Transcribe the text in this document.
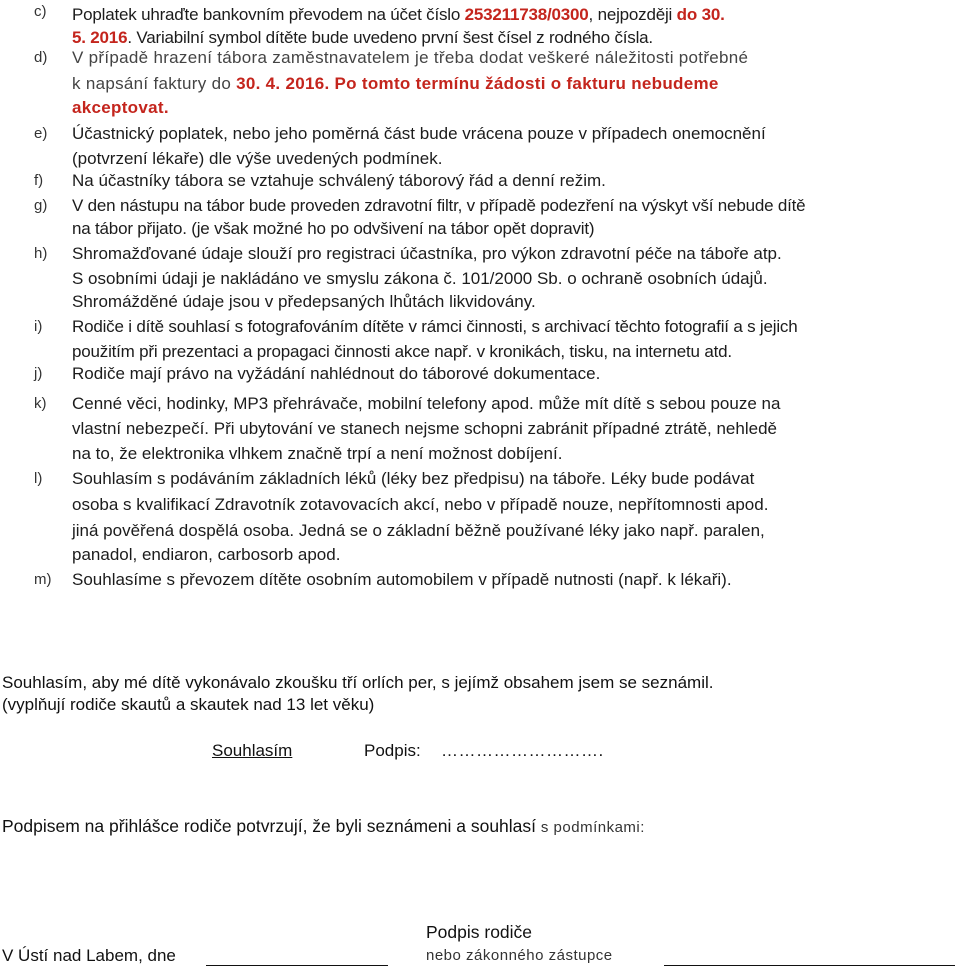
c) Poplatek uhraďte bankovním převodem na účet číslo 253211738/0300, nejpozději do 30.
5. 2016. Variabilní symbol dítěte bude uvedeno první šest čísel z rodného čísla.
d) V případě hrazení tábora zaměstnavatelem je třeba dodat veškeré náležitosti potřebné
k napsání faktury do 30. 4. 2016. Po tomto termínu žádosti o fakturu nebudeme
akceptovat.
e) Účastnický poplatek, nebo jeho poměrná část bude vrácena pouze v případech onemocnění
(potvrzení lékaře) dle výše uvedených podmínek.
f) Na účastníky tábora se vztahuje schválený táborový řád a denní režim.
g) V den nástupu na tábor bude proveden zdravotní filtr, v případě podezření na výskyt vší nebude dítě
na tábor přijato. (je však možné ho po odvšivení na tábor opět dopravit)
h) Shromažďované údaje slouží pro registraci účastníka, pro výkon zdravotní péče na táboře atp.
S osobními údaji je nakládáno ve smyslu zákona č. 101/2000 Sb. o ochraně osobních údajů.
Shromážděné údaje jsou v předepsaných lhůtách likvidovány.
i) Rodiče i dítě souhlasí s fotografováním dítěte v rámci činnosti, s archivací těchto fotografií a s jejich
použitím při prezentaci a propagaci činnosti akce např. v kronikách, tisku, na internetu atd.
j) Rodiče mají právo na vyžádání nahlédnout do táborové dokumentace.
k) Cenné věci, hodinky, MP3 přehrávače, mobilní telefony apod. může mít dítě s sebou pouze na
vlastní nebezpečí. Při ubytování ve stanech nejsme schopni zabránit případné ztrátě, nehledě
na to, že elektronika vlhkem značně trpí a není možnost dobíjení.
l) Souhlasím s podáváním základních léků (léky bez předpisu) na táboře. Léky bude podávat
osoba s kvalifikací Zdravotník zotavovacích akcí, nebo v případě nouze, nepřítomnosti apod.
jiná pověřená dospělá osoba. Jedná se o základní běžně používané léky jako např. paralen,
panadol, endiaron, carbosorb apod.
m) Souhlasíme s převozem dítěte osobním automobilem v případě nutnosti (např. k lékaři).
Souhlasím, aby mé dítě vykonávalo zkoušku tří orlích per, s jejímž obsahem jsem se seznámil.
(vyplňují rodiče skautů a skautek nad 13 let věku)
Souhlasím	Podpis: ……………………….
Podpisem na přihlášce rodiče potvrzují, že byli seznámeni a souhlasí s podmínkami:
V Ústí nad Labem, dne
Podpis rodiče
nebo zákonného zástupce
